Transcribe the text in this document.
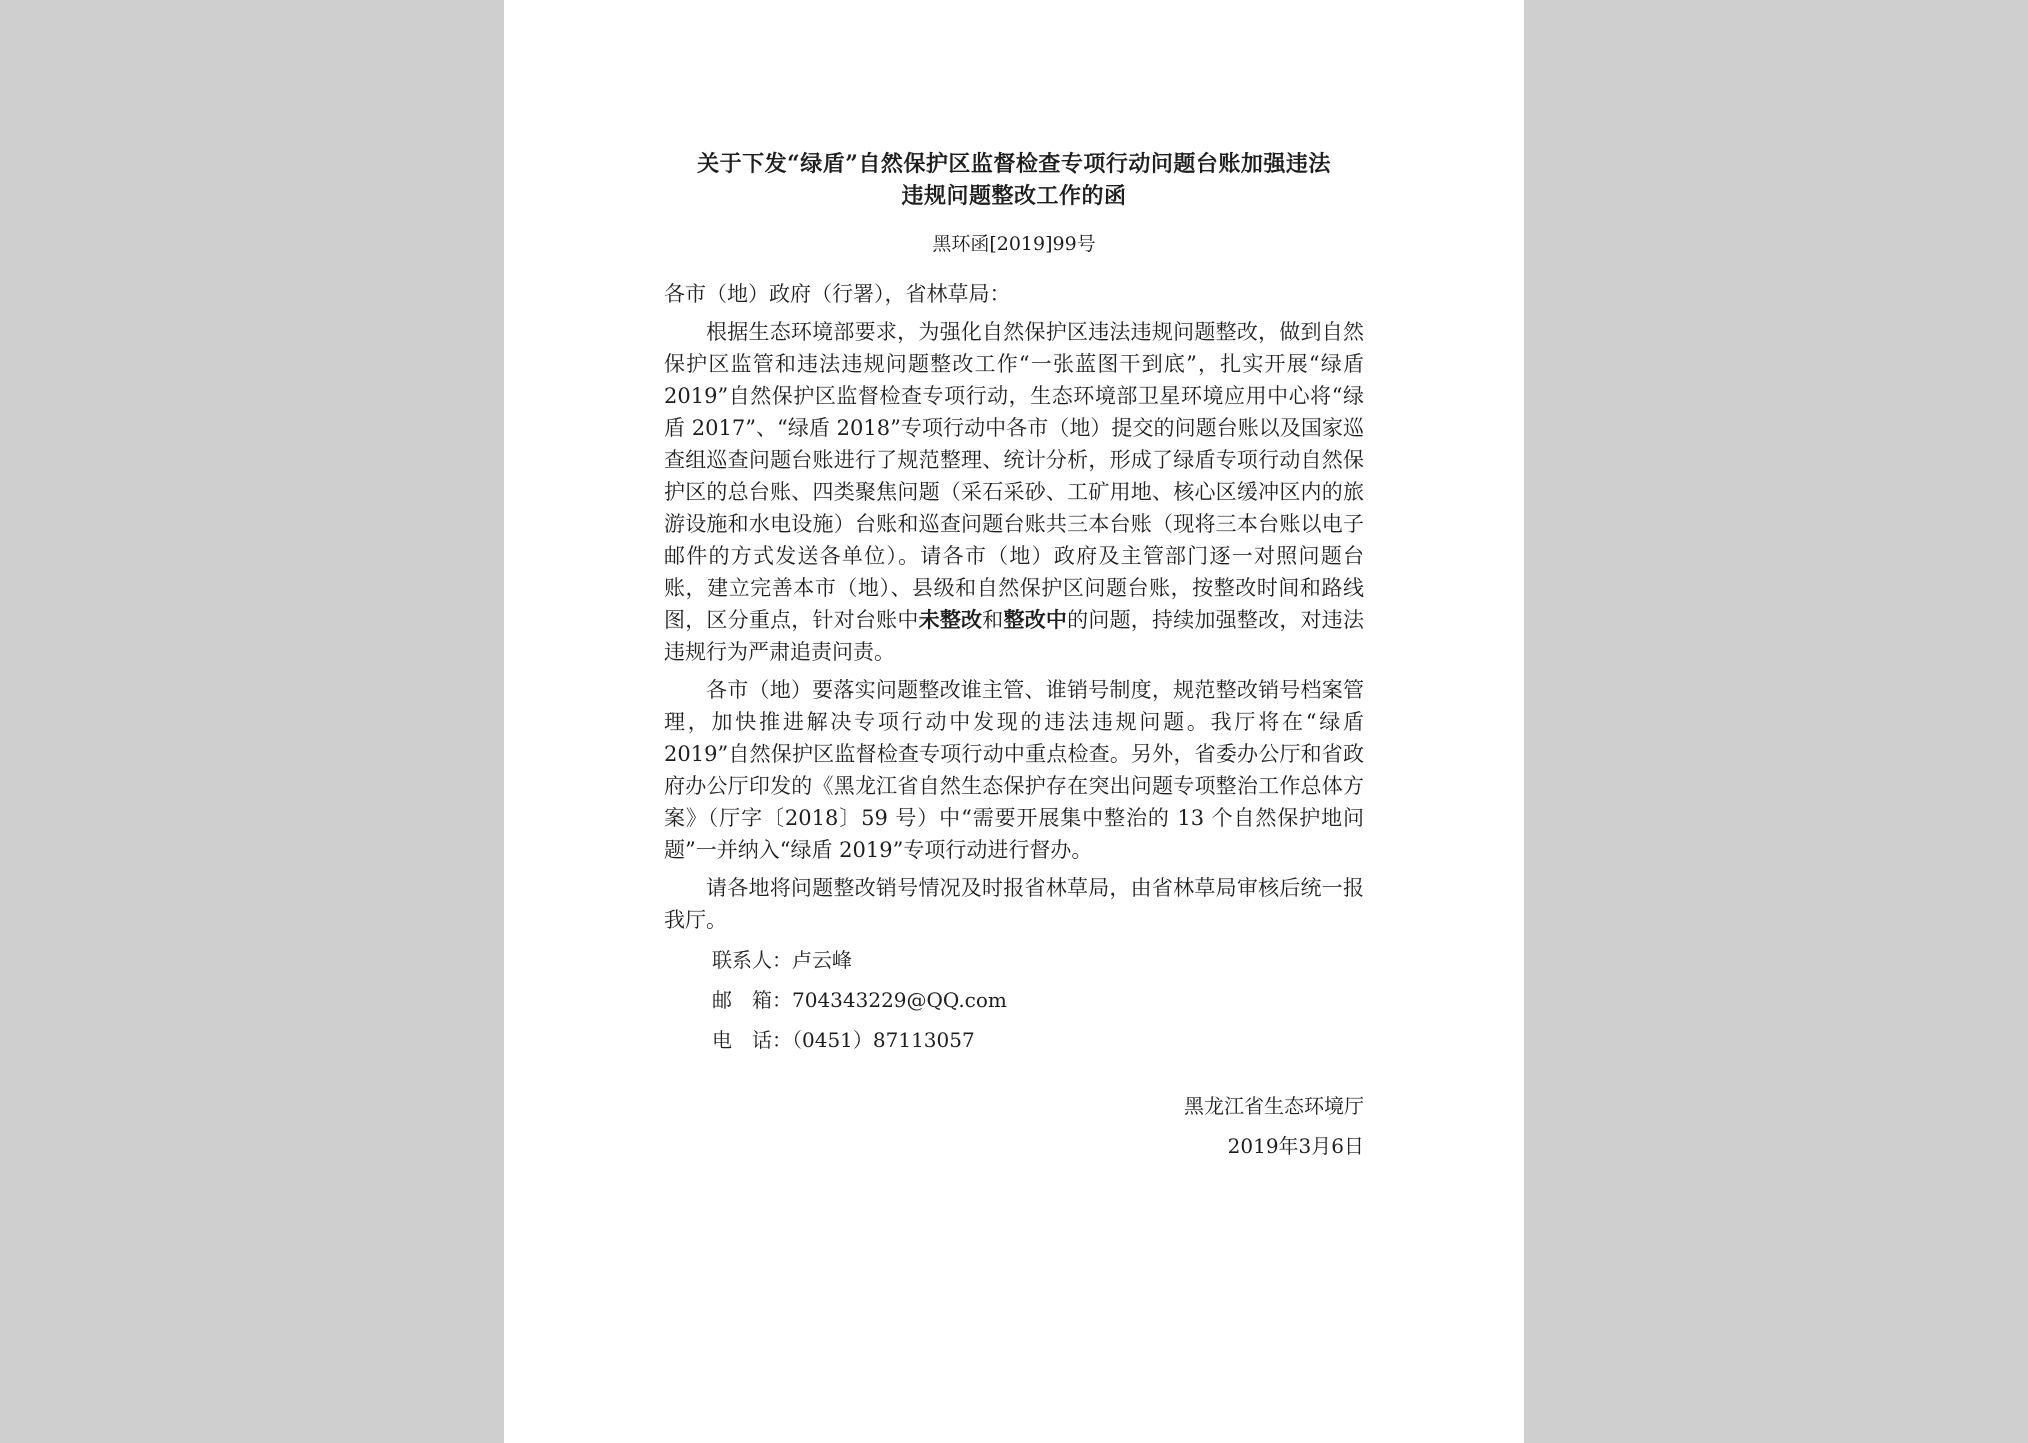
关于下发“绿盾”自然保护区监督检查专项行动问题台账加强违法
违规问题整改工作的函
黑环函[2019]99号
各市（地）政府（行署），省林草局：

根据生态环境部要求，为强化自然保护区违法违规问题整改，做到自然保护区监管和违法违规问题整改工作“一张蓝图干到底”，扎实开展“绿盾 2019”自然保护区监督检查专项行动，生态环境部卫星环境应用中心将“绿盾 2017”、“绿盾 2018”专项行动中各市（地）提交的问题台账以及国家巡查组巡查问题台账进行了规范整理、统计分析，形成了绿盾专项行动自然保护区的总台账、四类聚焦问题（采石采砂、工矿用地、核心区缓冲区内的旅游设施和水电设施）台账和巡查问题台账共三本台账（现将三本台账以电子邮件的方式发送各单位）。请各市（地）政府及主管部门逐一对照问题台账，建立完善本市（地）、县级和自然保护区问题台账，按整改时间和路线图，区分重点，针对台账中未整改和整改中的问题，持续加强整改，对违法违规行为严肃追责问责。

各市（地）要落实问题整改谁主管、谁销号制度，规范整改销号档案管理，加快推进解决专项行动中发现的违法违规问题。我厅将在“绿盾 2019”自然保护区监督检查专项行动中重点检查。另外，省委办公厅和省政府办公厅印发的《黑龙江省自然生态保护存在突出问题专项整治工作总体方案》（厅字〔2018〕59 号）中“需要开展集中整治的 13 个自然保护地问题”一并纳入“绿盾 2019”专项行动进行督办。

请各地将问题整改销号情况及时报省林草局，由省林草局审核后统一报我厅。

联系人：卢云峰
邮　箱：704343229@QQ.com
电　话：（0451）87113057
黑龙江省生态环境厅
2019年3月6日
